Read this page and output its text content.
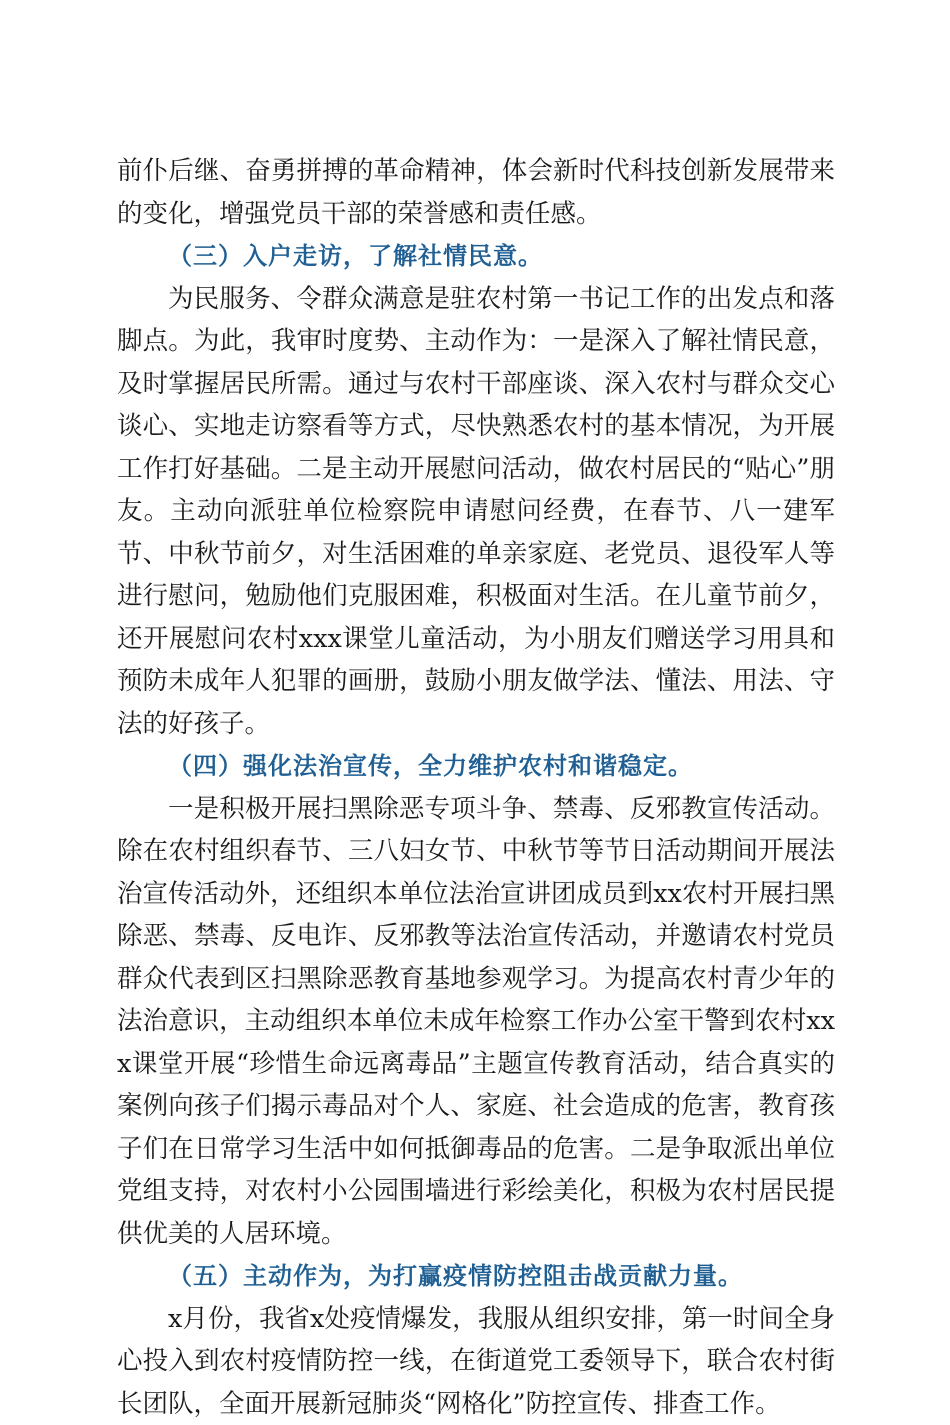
前仆后继、奋勇拼搏的革命精神，体会新时代科技创新发展带来的变化，增强党员干部的荣誉感和责任感。

（三）入户走访，了解社情民意。

为民服务、令群众满意是驻农村第一书记工作的出发点和落脚点。为此，我审时度势、主动作为：一是深入了解社情民意，及时掌握居民所需。通过与农村干部座谈、深入农村与群众交心谈心、实地走访察看等方式，尽快熟悉农村的基本情况，为开展工作打好基础。二是主动开展慰问活动，做农村居民的“贴心”朋友。主动向派驻单位检察院申请慰问经费，在春节、八一建军节、中秋节前夕，对生活困难的单亲家庭、老党员、退役军人等进行慰问，勉励他们克服困难，积极面对生活。在儿童节前夕，还开展慰问农村xxx课堂儿童活动，为小朋友们赠送学习用具和预防未成年人犯罪的画册，鼓励小朋友做学法、懂法、用法、守法的好孩子。

（四）强化法治宣传，全力维护农村和谐稳定。

一是积极开展扫黑除恶专项斗争、禁毒、反邪教宣传活动。除在农村组织春节、三八妇女节、中秋节等节日活动期间开展法治宣传活动外，还组织本单位法治宣讲团成员到xx农村开展扫黑除恶、禁毒、反电诈、反邪教等法治宣传活动，并邀请农村党员群众代表到区扫黑除恶教育基地参观学习。为提高农村青少年的法治意识，主动组织本单位未成年检察工作办公室干警到农村xxx课堂开展“珍惜生命远离毒品”主题宣传教育活动，结合真实的案例向孩子们揭示毒品对个人、家庭、社会造成的危害，教育孩子们在日常学习生活中如何抵御毒品的危害。二是争取派出单位党组支持，对农村小公园围墙进行彩绘美化，积极为农村居民提供优美的人居环境。

（五）主动作为，为打赢疫情防控阻击战贡献力量。

x月份，我省x处疫情爆发，我服从组织安排，第一时间全身心投入到农村疫情防控一线，在街道党工委领导下，联合农村街长团队，全面开展新冠肺炎“网格化”防控宣传、排查工作。
